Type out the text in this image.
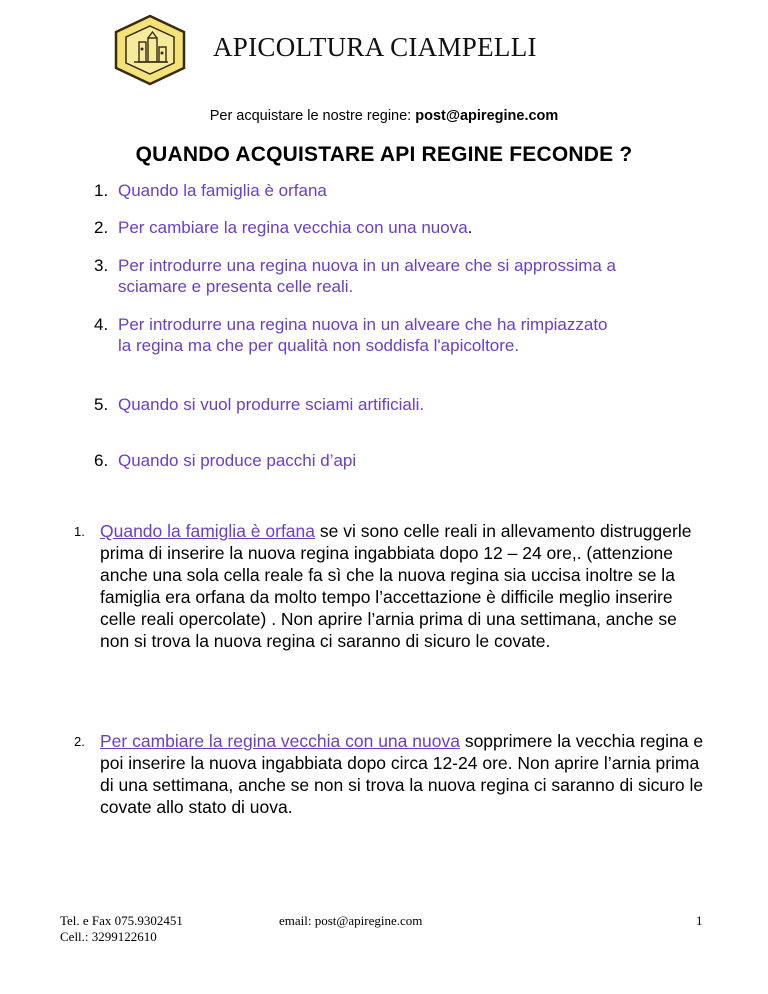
APICOLTURA CIAMPELLI
Per acquistare le nostre regine: post@apiregine.com
QUANDO ACQUISTARE API REGINE FECONDE ?
1. Quando la famiglia è orfana
2. Per cambiare la regina vecchia con una nuova.
3. Per introdurre una regina nuova in un alveare che si approssima a sciamare e presenta celle reali.
4. Per introdurre una regina nuova in un alveare che ha rimpiazzato la regina ma che per qualità non soddisfa l'apicoltore.
5. Quando si vuol produrre sciami artificiali.
6. Quando si produce pacchi d’api
1. Quando la famiglia è orfana se vi sono celle reali in allevamento distruggerle prima di inserire la nuova regina ingabbiata dopo 12 – 24 ore,. (attenzione anche una sola cella reale fa sì che la nuova regina sia uccisa inoltre se la famiglia era orfana da molto tempo l’accettazione è difficile meglio inserire celle reali opercolate) . Non aprire l’arnia prima di una settimana, anche se non si trova la nuova regina ci saranno di sicuro le covate.
2. Per cambiare la regina vecchia con una nuova sopprimere la vecchia regina e poi inserire la nuova ingabbiata dopo circa 12-24 ore. Non aprire l’arnia prima di una settimana, anche se non si trova la nuova regina ci saranno di sicuro le covate allo stato di uova.
Tel. e Fax 075.9302451
Cell.: 3299122610
email: post@apiregine.com	1
